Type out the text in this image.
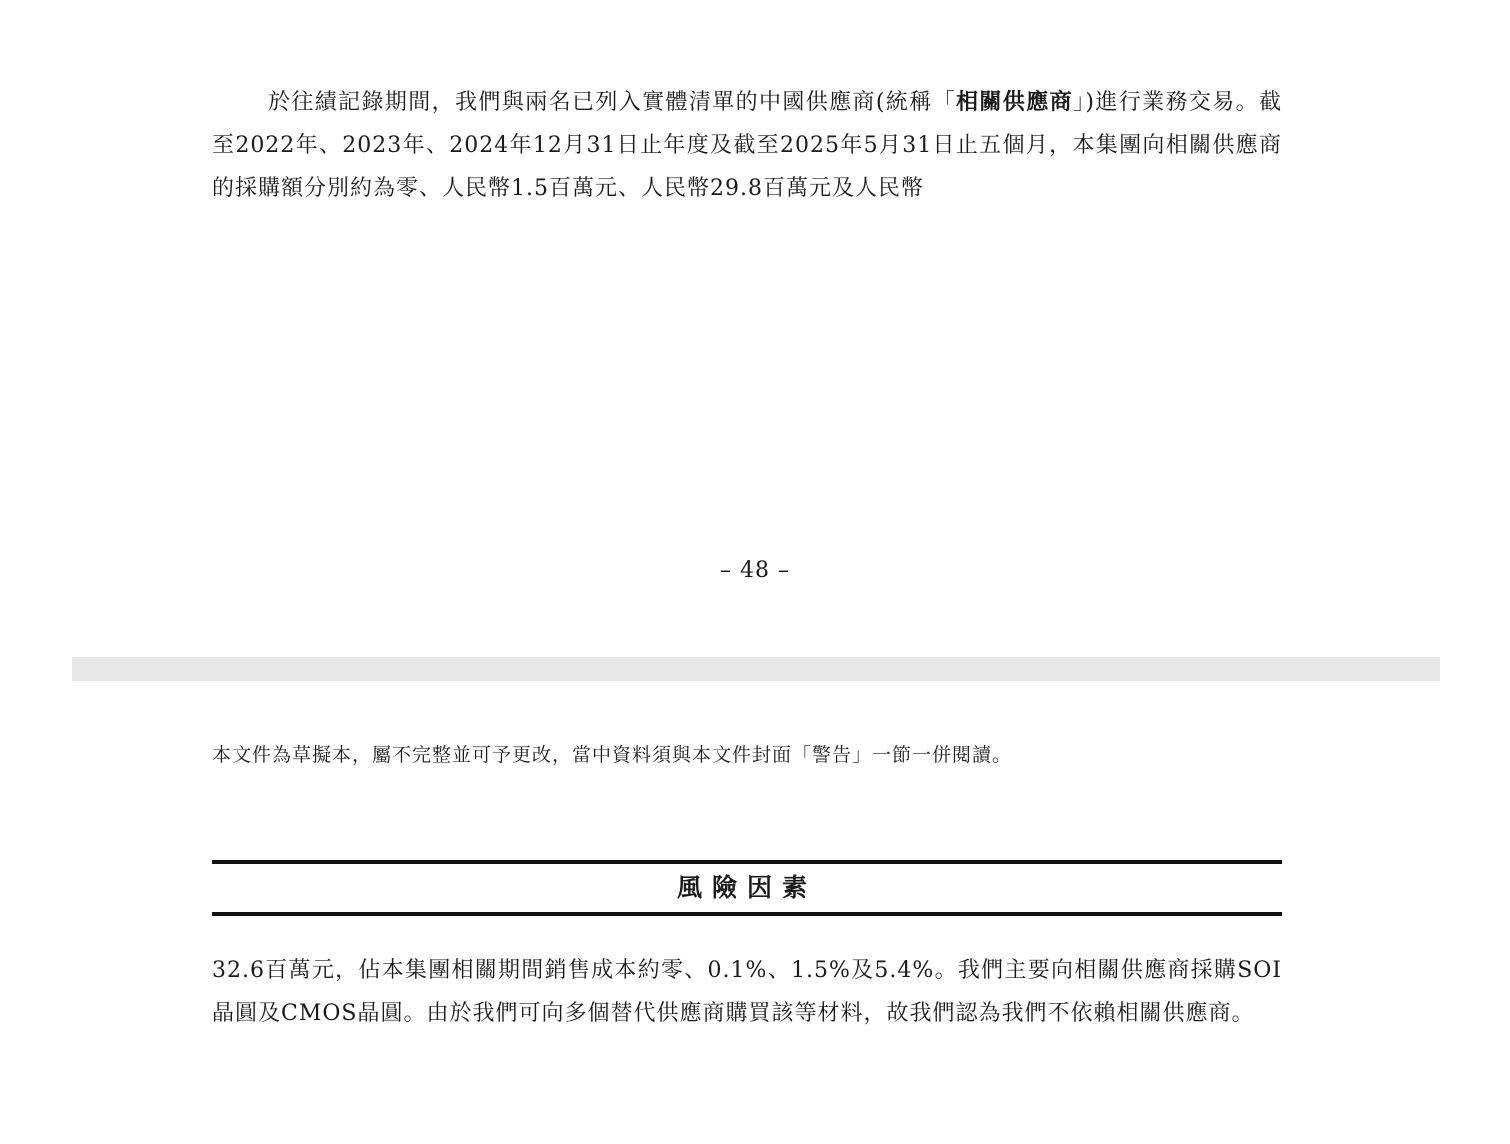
於往績記錄期間，我們與兩名已列入實體清單的中國供應商(統稱「相關供應商」)進行業務交易。截至2022年、2023年、2024年12月31日止年度及截至2025年5月31日止五個月，本集團向相關供應商的採購額分別約為零、人民幣1.5百萬元、人民幣29.8百萬元及人民幣

– 48 –
本文件為草擬本，屬不完整並可予更改，當中資料須與本文件封面「警告」一節一併閱讀。
風險因素

32.6百萬元，佔本集團相關期間銷售成本約零、0.1%、1.5%及5.4%。我們主要向相關供應商採購SOI晶圓及CMOS晶圓。由於我們可向多個替代供應商購買該等材料，故我們認為我們不依賴相關供應商。
